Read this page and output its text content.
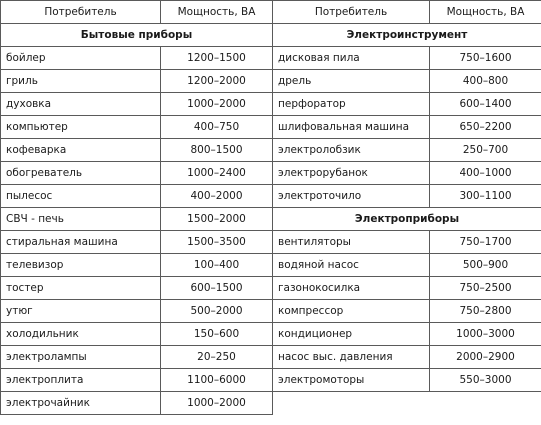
Потребитель	Мощность, ВА	Потребитель	Мощность, ВА
Бытовые приборы		Электроинструмент	
бойлер	1200–1500	дисковая пила	750–1600
гриль	1200–2000	дрель	400–800
духовка	1000–2000	перфоратор	600–1400
компьютер	400–750	шлифовальная машина	650–2200
кофеварка	800–1500	электролобзик	250–700
обогреватель	1000–2400	электрорубанок	400–1000
пылесос	400–2000	электроточило	300–1100
СВЧ - печь	1500–2000	Электроприборы	
стиральная машина	1500–3500	вентиляторы	750–1700
телевизор	100–400	водяной насос	500–900
тостер	600–1500	газонокосилка	750–2500
утюг	500–2000	компрессор	750–2800
холодильник	150–600	кондиционер	1000–3000
электролампы	20–250	насос выс. давления	2000–2900
электроплита	1100–6000	электромоторы	550–3000
электрочайник	1000–2000		
